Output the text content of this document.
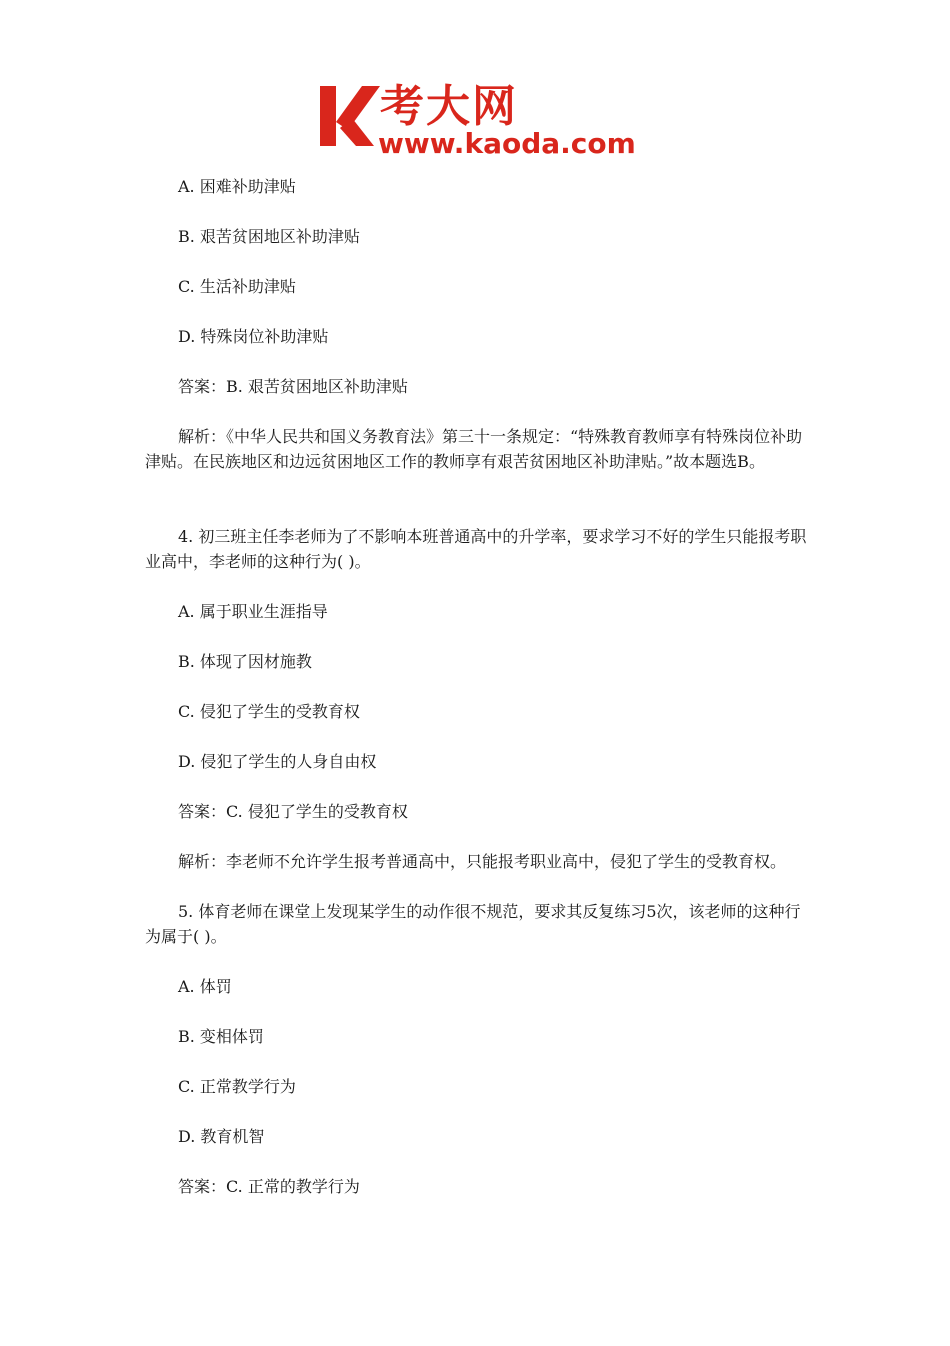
考大网
www.kaoda.com
A. 困难补助津贴
B. 艰苦贫困地区补助津贴
C. 生活补助津贴
D. 特殊岗位补助津贴
答案：B. 艰苦贫困地区补助津贴
解析：《中华人民共和国义务教育法》第三十一条规定：“特殊教育教师享有特殊岗位补助津贴。在民族地区和边远贫困地区工作的教师享有艰苦贫困地区补助津贴。”故本题选B。
4. 初三班主任李老师为了不影响本班普通高中的升学率，要求学习不好的学生只能报考职业高中，李老师的这种行为( )。
A. 属于职业生涯指导
B. 体现了因材施教
C. 侵犯了学生的受教育权
D. 侵犯了学生的人身自由权
答案：C. 侵犯了学生的受教育权
解析：李老师不允许学生报考普通高中，只能报考职业高中，侵犯了学生的受教育权。
5. 体育老师在课堂上发现某学生的动作很不规范，要求其反复练习5次，该老师的这种行为属于( )。
A. 体罚
B. 变相体罚
C. 正常教学行为
D. 教育机智
答案：C. 正常的教学行为
